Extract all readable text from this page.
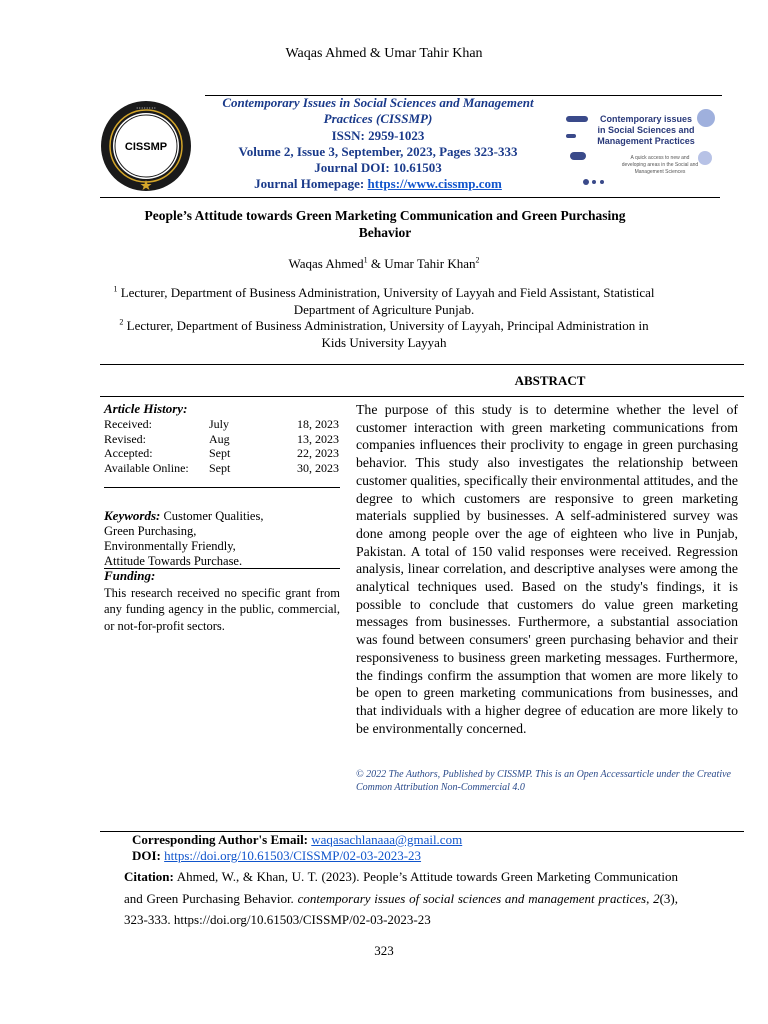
Waqas Ahmed & Umar Tahir Khan
CISSMP
• • • • • • • •	Contemporary Issues in Social Sciences and Management Practices (CISSMP)
ISSN: 2959-1023
Volume 2, Issue 3, September, 2023, Pages 323-333
Journal DOI: 10.61503
Journal Homepage: https://www.cissmp.com
Contemporary issues
in Social Sciences and
Management Practices
A quick access to new and
developing areas in the Social and
Management Sciences
People’s Attitude towards Green Marketing Communication and Green Purchasing
Behavior
Waqas Ahmed$^1$ & Umar Tahir Khan$^2$
$^1$ Lecturer, Department of Business Administration, University of Layyah and Field Assistant, Statistical
Department of Agriculture Punjab.
$^2$ Lecturer, Department of Business Administration, University of Layyah, Principal Administration in
Kids University Layyah
ABSTRACT
Article History:
Received:	July	18, 2023
Revised:	Aug	13, 2023
Accepted:	Sept	22, 2023
Available Online:	Sept	30, 2023
Keywords: Customer Qualities,
Green Purchasing,
Environmentally Friendly,
Attitude Towards Purchase.
Funding:
This research received no specific grant from any funding agency in the public, commercial, or not-for-profit sectors.
The purpose of this study is to determine whether the level of customer interaction with green marketing communications from companies influences their proclivity to engage in green purchasing behavior. This study also investigates the relationship between customer qualities, specifically their environmental attitudes, and the degree to which customers are responsive to green marketing materials supplied by businesses. A self-administered survey was done among people over the age of eighteen who live in Punjab, Pakistan. A total of 150 valid responses were received. Regression analysis, linear correlation, and descriptive analyses were among the analytical techniques used. Based on the study's findings, it is possible to conclude that customers do value green marketing messages from businesses. Furthermore, a substantial association was found between consumers' green purchasing behavior and their responsiveness to business green marketing messages. Furthermore, the findings confirm the assumption that women are more likely to be open to green marketing communications from businesses, and that individuals with a higher degree of education are more likely to be environmentally concerned.
© 2022 The Authors, Published by CISSMP. This is an Open Accessarticle under the Creative Common Attribution Non-Commercial 4.0
Corresponding Author's Email: waqasachlanaaa@gmail.com
DOI: https://doi.org/10.61503/CISSMP/02-03-2023-23
Citation: Ahmed, W., & Khan, U. T. (2023). People’s Attitude towards Green Marketing Communication and Green Purchasing Behavior. contemporary issues of social sciences and management practices, 2(3), 323-333. https://doi.org/10.61503/CISSMP/02-03-2023-23
323
